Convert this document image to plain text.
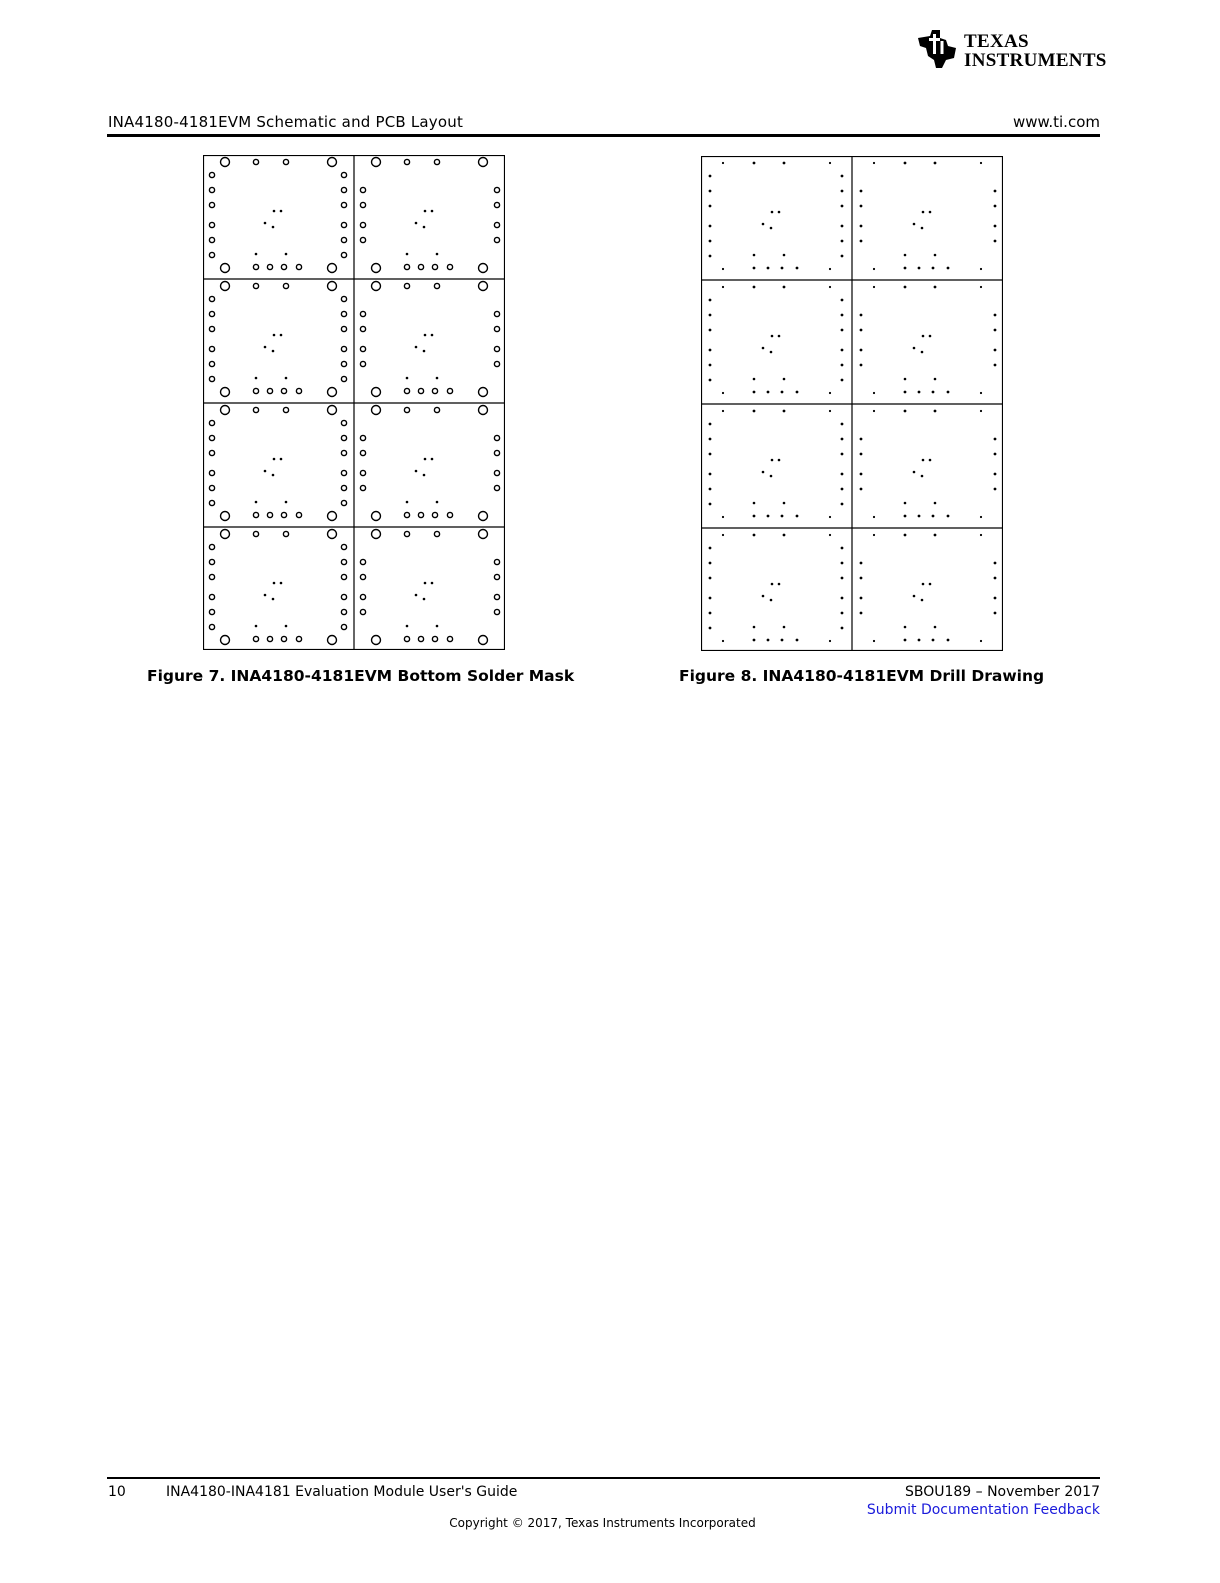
TEXAS
INSTRUMENTS
INA4180-4181EVM Schematic and PCB Layout	www.ti.com
Figure 7. INA4180-4181EVM Bottom Solder Mask	Figure 8. INA4180-4181EVM Drill Drawing
10	INA4180-INA4181 Evaluation Module User's Guide	SBOU189 – November 2017
Submit Documentation Feedback
Copyright © 2017, Texas Instruments Incorporated
